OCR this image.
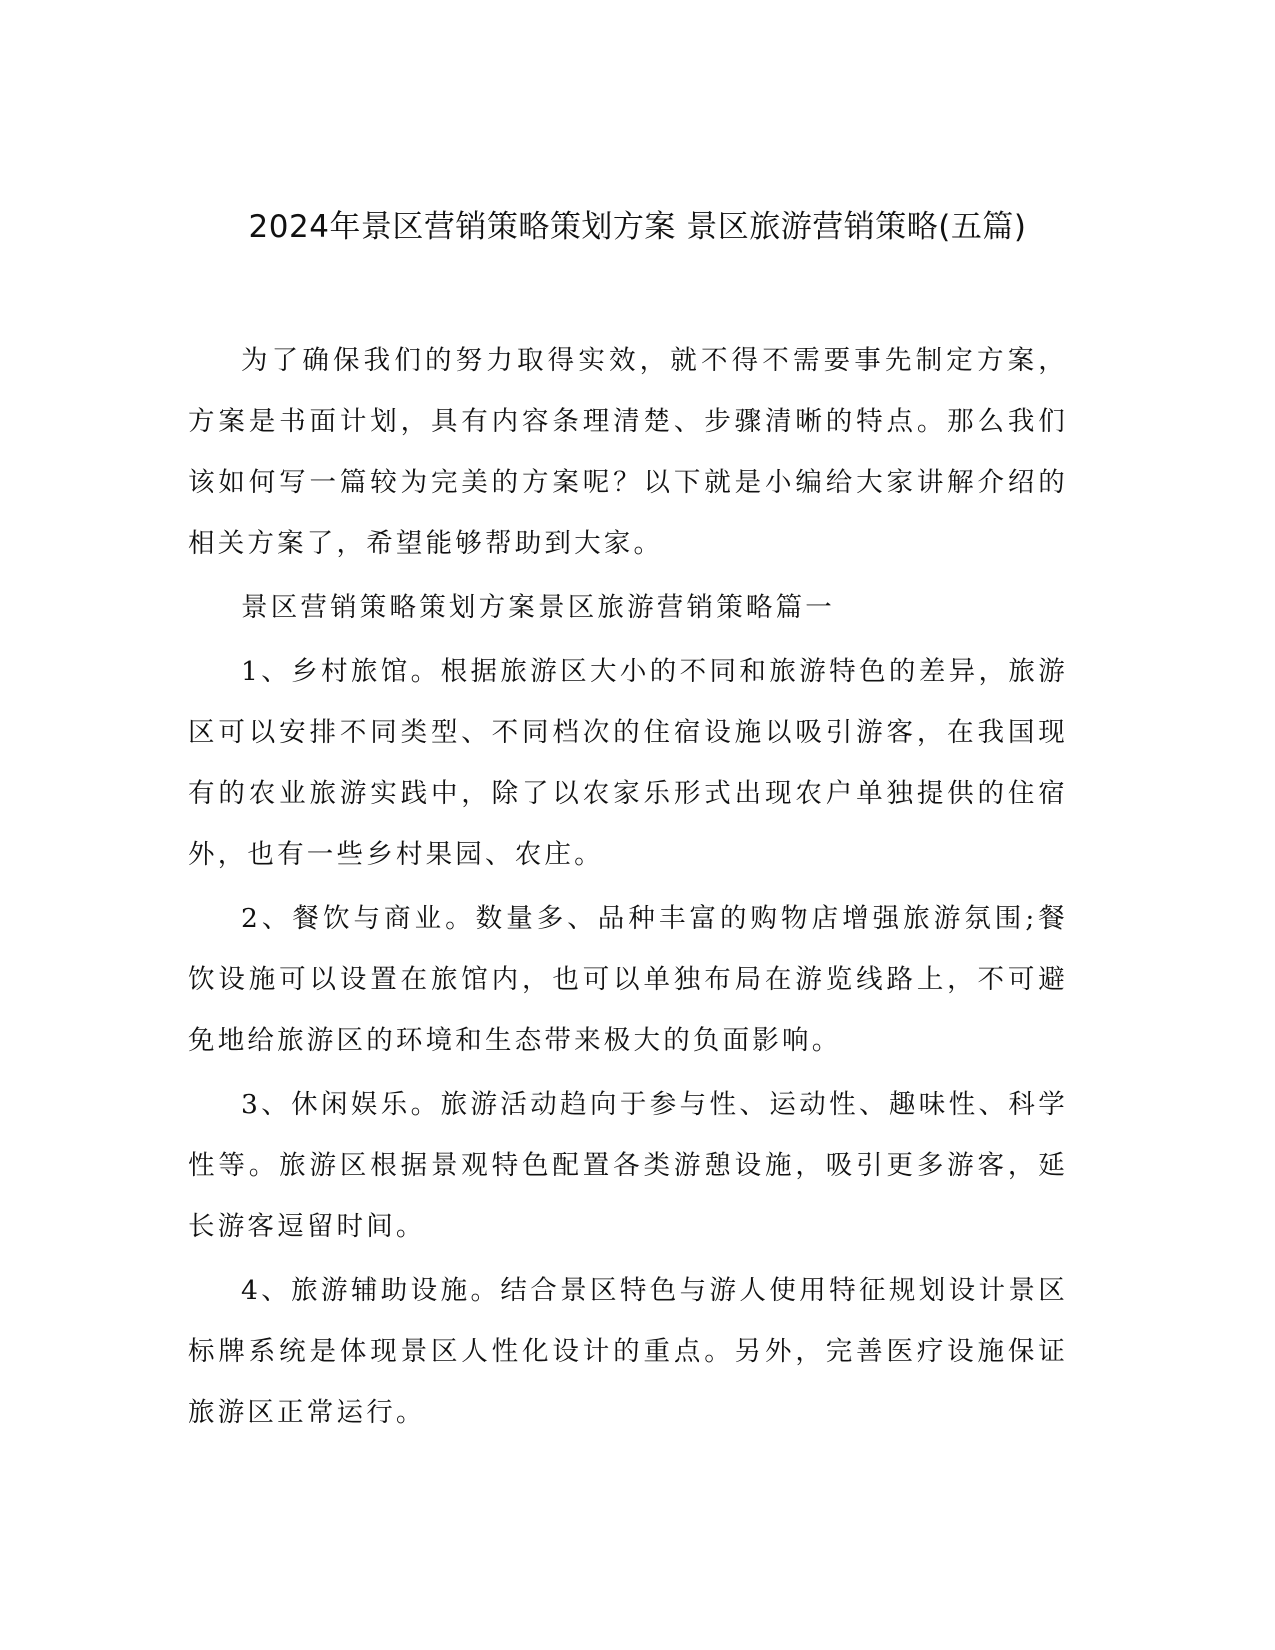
2024年景区营销策略策划方案 景区旅游营销策略(五篇)

为了确保我们的努力取得实效，就不得不需要事先制定方案，方案是书面计划，具有内容条理清楚、步骤清晰的特点。那么我们该如何写一篇较为完美的方案呢？以下就是小编给大家讲解介绍的相关方案了，希望能够帮助到大家。

景区营销策略策划方案景区旅游营销策略篇一

1、乡村旅馆。根据旅游区大小的不同和旅游特色的差异，旅游区可以安排不同类型、不同档次的住宿设施以吸引游客，在我国现有的农业旅游实践中，除了以农家乐形式出现农户单独提供的住宿外，也有一些乡村果园、农庄。

2、餐饮与商业。数量多、品种丰富的购物店增强旅游氛围;餐饮设施可以设置在旅馆内，也可以单独布局在游览线路上，不可避免地给旅游区的环境和生态带来极大的负面影响。

3、休闲娱乐。旅游活动趋向于参与性、运动性、趣味性、科学性等。旅游区根据景观特色配置各类游憩设施，吸引更多游客，延长游客逗留时间。

4、旅游辅助设施。结合景区特色与游人使用特征规划设计景区标牌系统是体现景区人性化设计的重点。另外，完善医疗设施保证旅游区正常运行。
